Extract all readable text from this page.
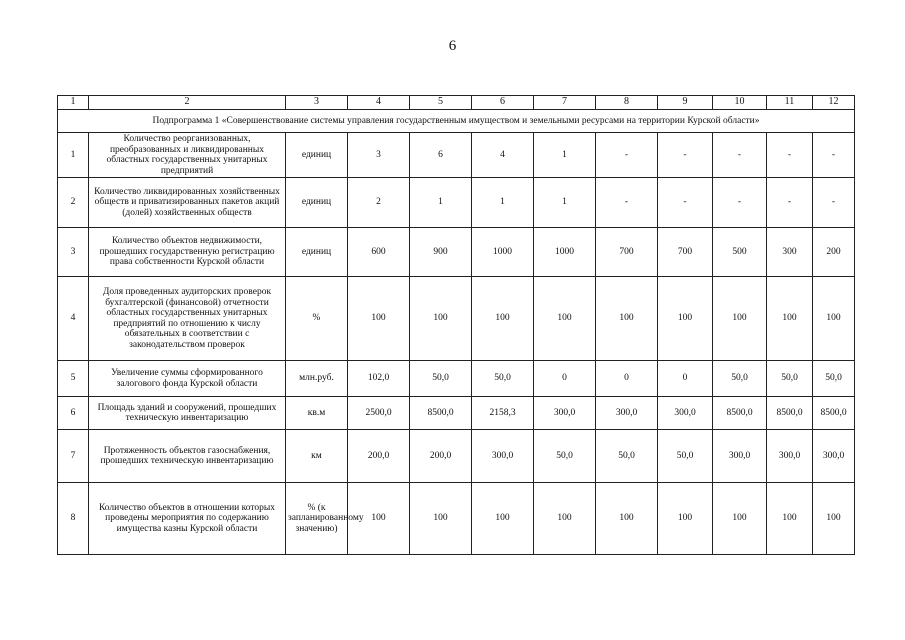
6
1	2	3	4	5	6	7	8	9	10	11	12
Подпрограмма 1 «Совершенствование системы управления государственным имуществом и земельными ресурсами на территории Курской области»											
1	Количество реорганизованных, преобразованных и ликвидированных областных государственных унитарных предприятий	единиц	3	6	4	1	-	-	-	-	-
2	Количество ликвидированных хозяйственных обществ и приватизированных пакетов акций (долей) хозяйственных обществ	единиц	2	1	1	1	-	-	-	-	-
3	Количество объектов недвижимости, прошедших государственную регистрацию права собственности Курской области	единиц	600	900	1000	1000	700	700	500	300	200
4	Доля проведенных аудиторских проверок бухгалтерской (финансовой) отчетности областных государственных унитарных предприятий по отношению к числу обязательных в соответствии с законодательством проверок	%	100	100	100	100	100	100	100	100	100
5	Увеличение суммы сформированного залогового фонда Курской области	млн.руб.	102,0	50,0	50,0	0	0	0	50,0	50,0	50,0
6	Площадь зданий и сооружений, прошедших техническую инвентаризацию	кв.м	2500,0	8500,0	2158,3	300,0	300,0	300,0	8500,0	8500,0	8500,0
7	Протяженность объектов газоснабжения, прошедших техническую инвентаризацию	км	200,0	200,0	300,0	50,0	50,0	50,0	300,0	300,0	300,0
8	Количество объектов в отношении которых проведены мероприятия по содержанию имущества казны Курской области	% (к запланированному значению)	100	100	100	100	100	100	100	100	100
